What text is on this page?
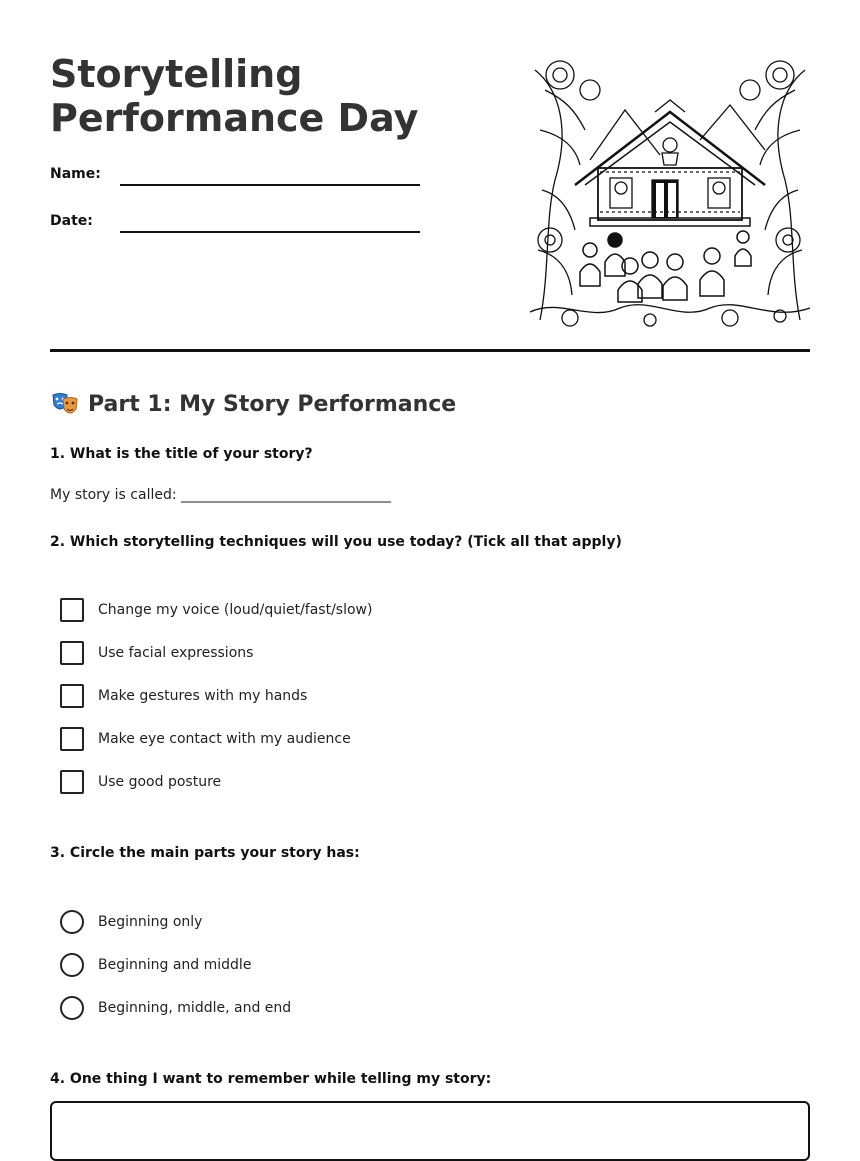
Storytelling
Performance Day
Name:
Date:
Part 1: My Story Performance

1. What is the title of your story?

My story is called: ______________________________

2. Which storytelling techniques will you use today? (Tick all that apply)

Change my voice (loud/quiet/fast/slow)
Use facial expressions
Make gestures with my hands
Make eye contact with my audience
Use good posture

3. Circle the main parts your story has:

Beginning only
Beginning and middle
Beginning, middle, and end

4. One thing I want to remember while telling my story:
